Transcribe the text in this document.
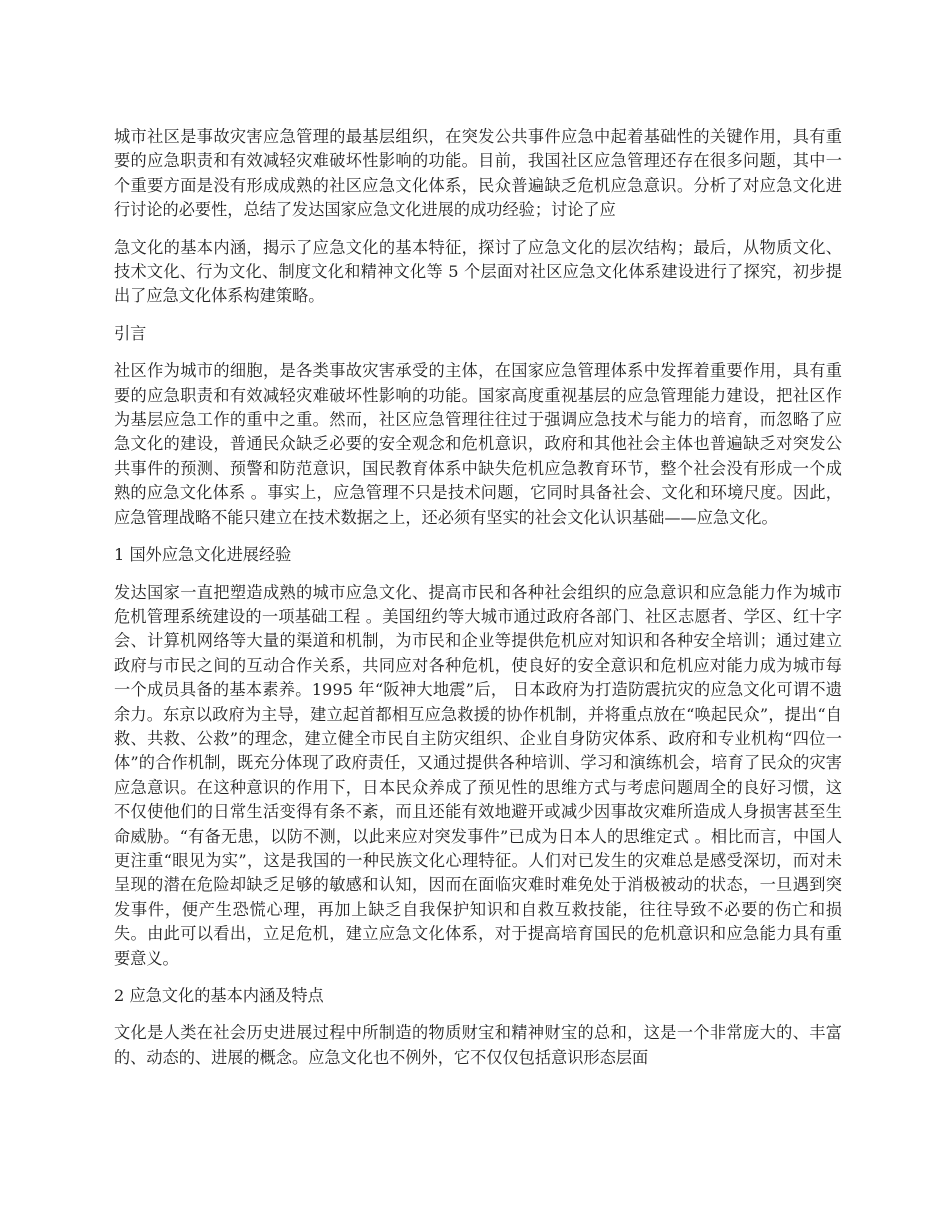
城市社区是事故灾害应急管理的最基层组织，在突发公共事件应急中起着基础性的关键作用，具有重要的应急职责和有效减轻灾难破坏性影响的功能。目前，我国社区应急管理还存在很多问题，其中一个重要方面是没有形成成熟的社区应急文化体系，民众普遍缺乏危机应急意识。分析了对应急文化进行讨论的必要性，总结了发达国家应急文化进展的成功经验；讨论了应

急文化的基本内涵，揭示了应急文化的基本特征，探讨了应急文化的层次结构；最后，从物质文化、技术文化、行为文化、制度文化和精神文化等 5 个层面对社区应急文化体系建设进行了探究，初步提出了应急文化体系构建策略。

引言

社区作为城市的细胞，是各类事故灾害承受的主体，在国家应急管理体系中发挥着重要作用，具有重要的应急职责和有效减轻灾难破坏性影响的功能。国家高度重视基层的应急管理能力建设，把社区作为基层应急工作的重中之重。然而，社区应急管理往往过于强调应急技术与能力的培育，而忽略了应急文化的建设，普通民众缺乏必要的安全观念和危机意识，政府和其他社会主体也普遍缺乏对突发公共事件的预测、预警和防范意识，国民教育体系中缺失危机应急教育环节，整个社会没有形成一个成熟的应急文化体系 。事实上，应急管理不只是技术问题，它同时具备社会、文化和环境尺度。因此，应急管理战略不能只建立在技术数据之上，还必须有坚实的社会文化认识基础——应急文化。

1 国外应急文化进展经验

发达国家一直把塑造成熟的城市应急文化、提高市民和各种社会组织的应急意识和应急能力作为城市危机管理系统建设的一项基础工程 。美国纽约等大城市通过政府各部门、社区志愿者、学区、红十字会、计算机网络等大量的渠道和机制，为市民和企业等提供危机应对知识和各种安全培训；通过建立政府与市民之间的互动合作关系，共同应对各种危机，使良好的安全意识和危机应对能力成为城市每一个成员具备的基本素养。1995 年“阪神大地震”后， 日本政府为打造防震抗灾的应急文化可谓不遗余力。东京以政府为主导，建立起首都相互应急救援的协作机制，并将重点放在“唤起民众”，提出“自救、共救、公救”的理念，建立健全市民自主防灾组织、企业自身防灾体系、政府和专业机构“四位一体”的合作机制，既充分体现了政府责任，又通过提供各种培训、学习和演练机会，培育了民众的灾害应急意识。在这种意识的作用下，日本民众养成了预见性的思维方式与考虑问题周全的良好习惯，这不仅使他们的日常生活变得有条不紊，而且还能有效地避开或减少因事故灾难所造成人身损害甚至生命威胁。“有备无患，以防不测，以此来应对突发事件”已成为日本人的思维定式 。相比而言，中国人更注重“眼见为实”，这是我国的一种民族文化心理特征。人们对已发生的灾难总是感受深切，而对未呈现的潜在危险却缺乏足够的敏感和认知，因而在面临灾难时难免处于消极被动的状态，一旦遇到突发事件，便产生恐慌心理，再加上缺乏自我保护知识和自救互救技能，往往导致不必要的伤亡和损失。由此可以看出，立足危机，建立应急文化体系，对于提高培育国民的危机意识和应急能力具有重要意义。

2 应急文化的基本内涵及特点

文化是人类在社会历史进展过程中所制造的物质财宝和精神财宝的总和，这是一个非常庞大的、丰富的、动态的、进展的概念。应急文化也不例外，它不仅仅包括意识形态层面
